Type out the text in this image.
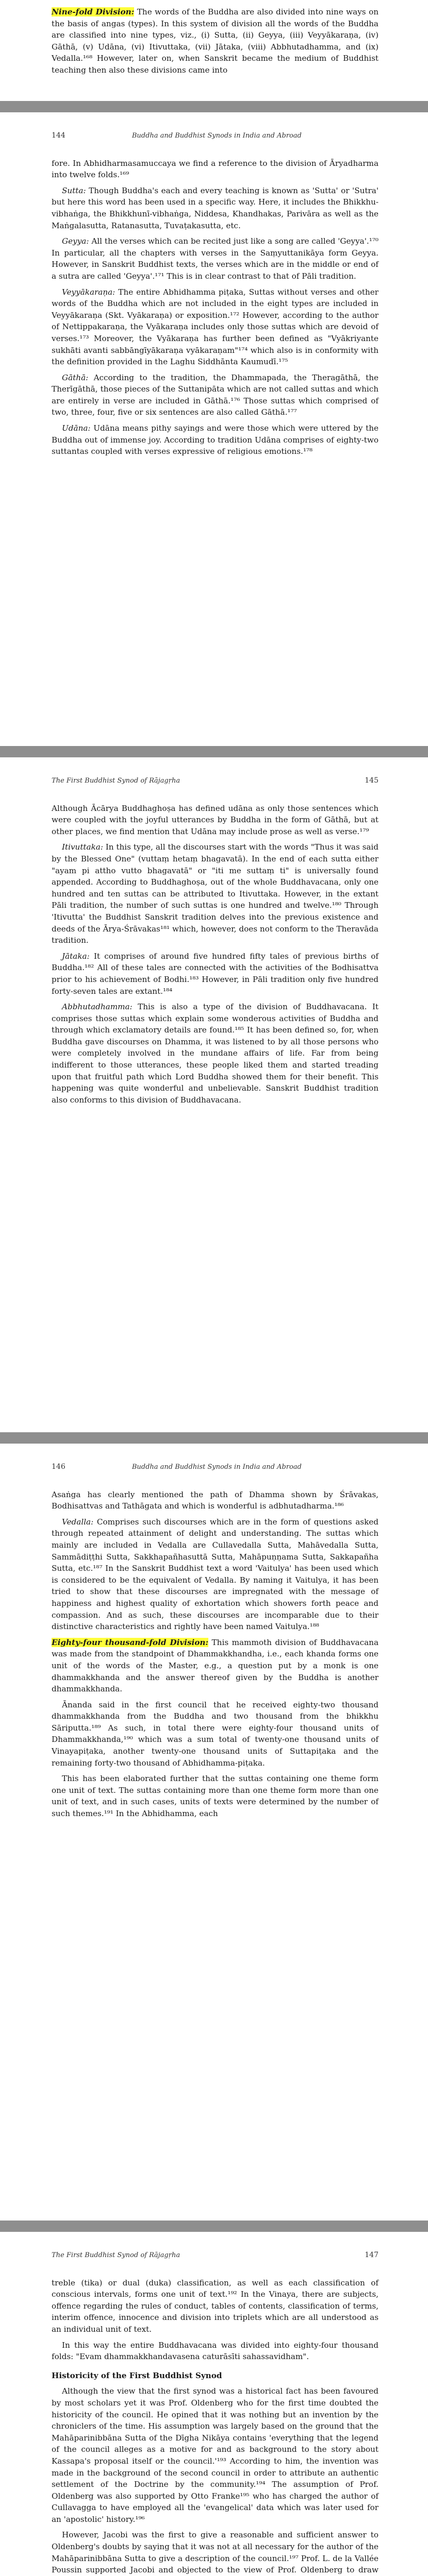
Nine-fold Division: The words of the Buddha are also divided into nine ways on the basis of angas (types). In this system of division all the words of the Buddha are classified into nine types, viz., (i) Sutta, (ii) Geyya, (iii) Veyyākaraṇa, (iv) Gāthā, (v) Udāna, (vi) Itivuttaka, (vii) Jātaka, (viii) Abbhutadhamma, and (ix) Vedalla.¹⁶⁸ However, later on, when Sanskrit became the medium of Buddhist teaching then also these divisions came into

144	Buddha and Buddhist Synods in India and Abroad

fore. In Abhidharmasamuccaya we find a reference to the division of Āryadharma into twelve folds.¹⁶⁹

Sutta: Though Buddha's each and every teaching is known as 'Sutta' or 'Sutra' but here this word has been used in a specific way. Here, it includes the Bhikkhu-vibhaṅga, the Bhikkhunī-vibhaṅga, Niddesa, Khandhakas, Parivāra as well as the Maṅgalasutta, Ratanasutta, Tuvaṭakasutta, etc.

Geyya: All the verses which can be recited just like a song are called 'Geyya'.¹⁷⁰ In particular, all the chapters with verses in the Saṃyuttanikāya form Geyya. However, in Sanskrit Buddhist texts, the verses which are in the middle or end of a sutra are called 'Geyya'.¹⁷¹ This is in clear contrast to that of Pāli tradition.

Veyyākaraṇa: The entire Abhidhamma piṭaka, Suttas without verses and other words of the Buddha which are not included in the eight types are included in Veyyākaraṇa (Skt. Vyākaraṇa) or exposition.¹⁷² However, according to the author of Nettippakaraṇa, the Vyākaraṇa includes only those suttas which are devoid of verses.¹⁷³ Moreover, the Vyākaraṇa has further been defined as "Vyākriyante sukhāti avanti sabbāngīyākaraṇa vyākaraṇam"¹⁷⁴ which also is in conformity with the definition provided in the Laghu Siddhānta Kaumudī.¹⁷⁵

Gāthā: According to the tradition, the Dhammapada, the Theragāthā, the Therīgāthā, those pieces of the Suttanipāta which are not called suttas and which are entirely in verse are included in Gāthā.¹⁷⁶ Those suttas which comprised of two, three, four, five or six sentences are also called Gāthā.¹⁷⁷

Udāna: Udāna means pithy sayings and were those which were uttered by the Buddha out of immense joy. According to tradition Udāna comprises of eighty-two suttantas coupled with verses expressive of religious emotions.¹⁷⁸

The First Buddhist Synod of Rājagṛha	145

Although Ācārya Buddhaghoṣa has defined udāna as only those sentences which were coupled with the joyful utterances by Buddha in the form of Gāthā, but at other places, we find mention that Udāna may include prose as well as verse.¹⁷⁹

Itivuttaka: In this type, all the discourses start with the words "Thus it was said by the Blessed One" (vuttaṃ hetaṃ bhagavatā). In the end of each sutta either "ayam pi attho vutto bhagavatā" or "iti me suttaṃ ti" is universally found appended. According to Buddhaghoṣa, out of the whole Buddhavacana, only one hundred and ten suttas can be attributed to Itivuttaka. However, in the extant Pāli tradition, the number of such suttas is one hundred and twelve.¹⁸⁰ Through 'Itivutta' the Buddhist Sanskrit tradition delves into the previous existence and deeds of the Ārya-Śrāvakas¹⁸¹ which, however, does not conform to the Theravāda tradition.

Jātaka: It comprises of around five hundred fifty tales of previous births of Buddha.¹⁸² All of these tales are connected with the activities of the Bodhisattva prior to his achievement of Bodhi.¹⁸³ However, in Pāli tradition only five hundred forty-seven tales are extant.¹⁸⁴

Abbhutadhamma: This is also a type of the division of Buddhavacana. It comprises those suttas which explain some wonderous activities of Buddha and through which exclamatory details are found.¹⁸⁵ It has been defined so, for, when Buddha gave discourses on Dhamma, it was listened to by all those persons who were completely involved in the mundane affairs of life. Far from being indifferent to those utterances, these people liked them and started treading upon that fruitful path which Lord Buddha showed them for their benefit. This happening was quite wonderful and unbelievable. Sanskrit Buddhist tradition also conforms to this division of Buddhavacana.

146	Buddha and Buddhist Synods in India and Abroad

Asaṅga has clearly mentioned the path of Dhamma shown by Śrāvakas, Bodhisattvas and Tathāgata and which is wonderful is adbhutadharma.¹⁸⁶

Vedalla: Comprises such discourses which are in the form of questions asked through repeated attainment of delight and understanding. The suttas which mainly are included in Vedalla are Cullavedalla Sutta, Mahāvedalla Sutta, Sammādiṭṭhi Sutta, Sakkhapañhasuttā Sutta, Mahāpuṇṇama Sutta, Sakkapañha Sutta, etc.¹⁸⁷ In the Sanskrit Buddhist text a word 'Vaitulya' has been used which is considered to be the equivalent of Vedalla. By naming it Vaitulya, it has been tried to show that these discourses are impregnated with the message of happiness and highest quality of exhortation which showers forth peace and compassion. And as such, these discourses are incomparable due to their distinctive characteristics and rightly have been named Vaitulya.¹⁸⁸

Eighty-four thousand-fold Division: This mammoth division of Buddhavacana was made from the standpoint of Dhammakkhandha, i.e., each khanda forms one unit of the words of the Master, e.g., a question put by a monk is one dhammakkhanda and the answer thereof given by the Buddha is another dhammakkhanda.

Ānanda said in the first council that he received eighty-two thousand dhammakkhanda from the Buddha and two thousand from the bhikkhu Sāriputta.¹⁸⁹ As such, in total there were eighty-four thousand units of Dhammakkhanda,¹⁹⁰ which was a sum total of twenty-one thousand units of Vinayapiṭaka, another twenty-one thousand units of Suttapiṭaka and the remaining forty-two thousand of Abhidhamma-piṭaka.

This has been elaborated further that the suttas containing one theme form one unit of text. The suttas containing more than one theme form more than one unit of text, and in such cases, units of texts were determined by the number of such themes.¹⁹¹ In the Abhidhamma, each

The First Buddhist Synod of Rājagṛha	147

treble (tika) or dual (duka) classification, as well as each classification of conscious intervals, forms one unit of text.¹⁹² In the Vinaya, there are subjects, offence regarding the rules of conduct, tables of contents, classification of terms, interim offence, innocence and division into triplets which are all understood as an individual unit of text.

In this way the entire Buddhavacana was divided into eighty-four thousand folds: "Evam dhammakkhandavasena caturāsīti sahassavidham".

Historicity of the First Buddhist Synod

Although the view that the first synod was a historical fact has been favoured by most scholars yet it was Prof. Oldenberg who for the first time doubted the historicity of the council. He opined that it was nothing but an invention by the chroniclers of the time. His assumption was largely based on the ground that the Mahāparinibbāna Sutta of the Dīgha Nikāya contains 'everything that the legend of the council alleges as a motive for and as background to the story about Kassapa's proposal itself or the council.'¹⁹³ According to him, the invention was made in the background of the second council in order to attribute an authentic settlement of the Doctrine by the community.¹⁹⁴ The assumption of Prof. Oldenberg was also supported by Otto Franke¹⁹⁵ who has charged the author of Cullavagga to have employed all the 'evangelical' data which was later used for an 'apostolic' history.¹⁹⁶

However, Jacobi was the first to give a reasonable and sufficient answer to Oldenberg's doubts by saying that it was not at all necessary for the author of the Mahāparinibbāna Sutta to give a description of the council.¹⁹⁷ Prof. L. de la Vallée Poussin supported Jacobi and objected to the view of Prof. Oldenberg to draw
